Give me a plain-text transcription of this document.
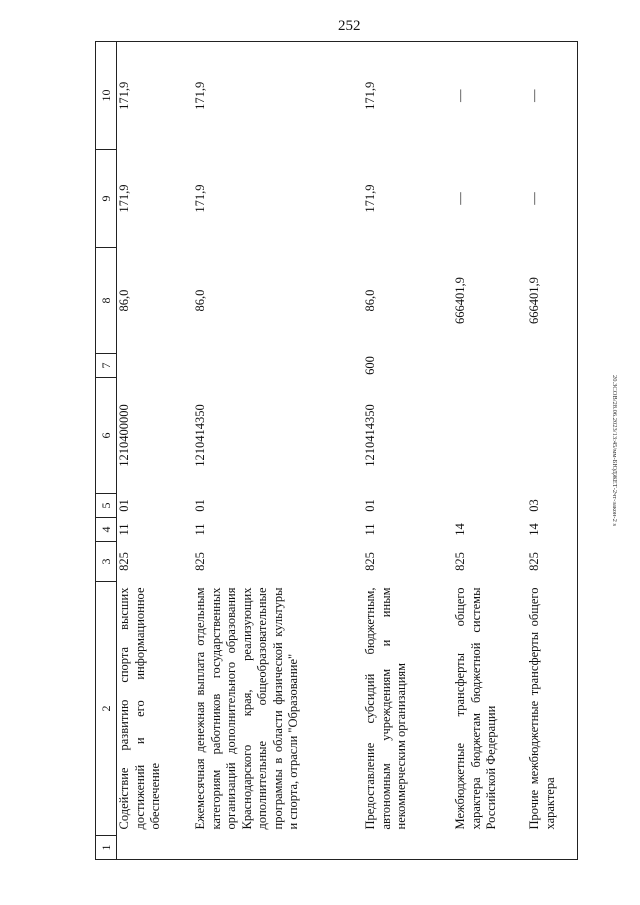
252
20.ЗСОВ/28.06.2023/13:45/мм-БЮДЖЕТ-2чт-закон-2 s
1	2	3	4	5	6	7	8	9	10
	Содействие развитию спорта высших достижений и его информационное обеспечение	825	11	01	1210400000		86,0	171,9	171,9
	Ежемесячная денежная выплата отдельным категориям работников государственных организаций дополнительного образования Краснодарского края, реализующих дополнительные общеобразовательные программы в области физической культуры и спорта, отрасли "Образование"	825	11	01	1210414350		86,0	171,9	171,9
	Предоставление субсидий бюджетным, автономным учреждениям и иным некоммерческим организациям	825	11	01	1210414350	600	86,0	171,9	171,9
	Межбюджетные трансферты общего характера бюджетам бюджетной системы Российской Федерации	825	14				666401,9	—	—
	Прочие межбюджетные трансферты общего характера	825	14	03			666401,9	—	—
